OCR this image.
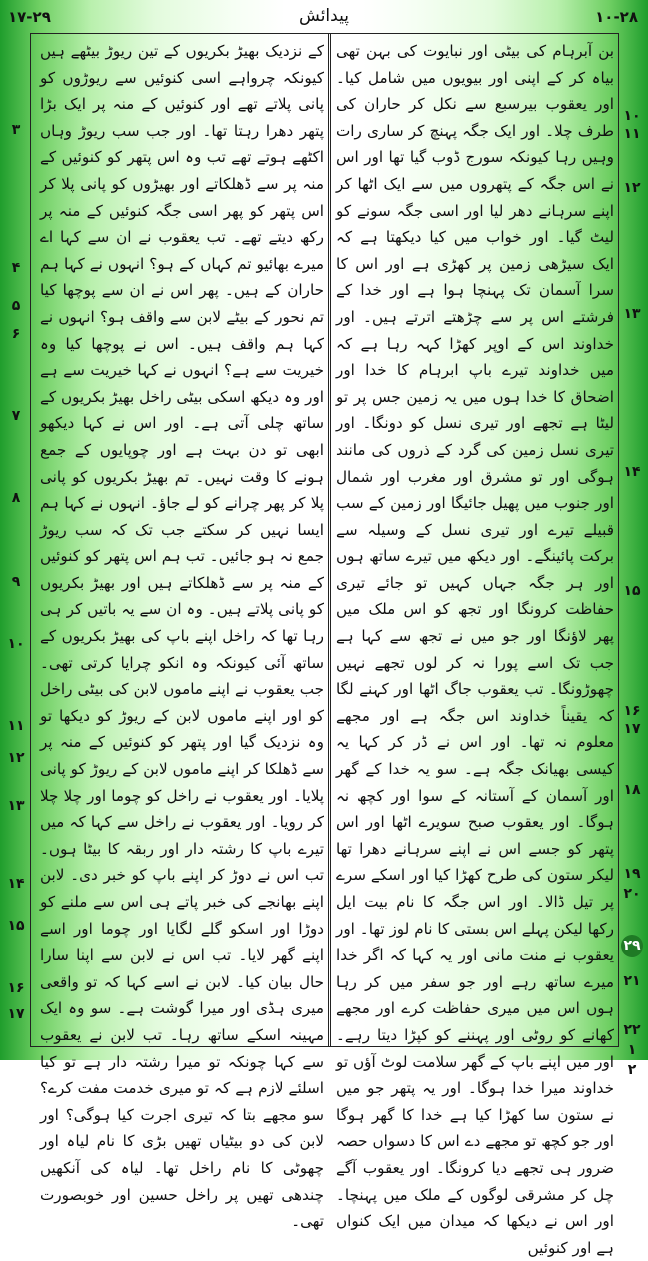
۱۷-۲۹	پیدائش	۱۰-۲۸

بن آبرہام کی بیٹی اور نبایوت کی بہن تھی بیاہ کر کے اپنی اور بیویوں میں شامل کیا۔ اور یعقوب بیرسبع سے نکل کر حاران کی طرف چلا۔ اور ایک جگہ پہنچ کر ساری رات وہیں رہا کیونکہ سورج ڈوب گیا تھا اور اس نے اس جگہ کے پتھروں میں سے ایک اٹھا کر اپنے سرہانے دھر لیا اور اسی جگہ سونے کو لیٹ گیا۔ اور خواب میں کیا دیکھتا ہے کہ ایک سیڑھی زمین پر کھڑی ہے اور اس کا سرا آسمان تک پہنچا ہوا ہے اور خدا کے فرشتے اس پر سے چڑھتے اترتے ہیں۔ اور خداوند اس کے اوپر کھڑا کہہ رہا ہے کہ میں خداوند تیرے باپ ابرہام کا خدا اور اضحاق کا خدا ہوں میں یہ زمین جس پر تو لیٹا ہے تجھے اور تیری نسل کو دونگا۔ اور تیری نسل زمین کی گرد کے ذروں کی مانند ہوگی اور تو مشرق اور مغرب اور شمال اور جنوب میں پھیل جائیگا اور زمین کے سب قبیلے تیرے اور تیری نسل کے وسیلہ سے برکت پائینگے۔ اور دیکھ میں تیرے ساتھ ہوں اور ہر جگہ جہاں کہیں تو جائے تیری حفاظت کرونگا اور تجھ کو اس ملک میں پھر لاؤنگا اور جو میں نے تجھ سے کہا ہے جب تک اسے پورا نہ کر لوں تجھے نہیں چھوڑونگا۔ تب یعقوب جاگ اٹھا اور کہنے لگا کہ یقیناً خداوند اس جگہ ہے اور مجھے معلوم نہ تھا۔ اور اس نے ڈر کر کہا یہ کیسی بھیانک جگہ ہے۔ سو یہ خدا کے گھر اور آسمان کے آستانہ کے سوا اور کچھ نہ ہوگا۔ اور یعقوب صبح سویرے اٹھا اور اس پتھر کو جسے اس نے اپنے سرہانے دھرا تھا لیکر ستون کی طرح کھڑا کیا اور اسکے سرے پر تیل ڈالا۔ اور اس جگہ کا نام بیت ایل رکھا لیکن پہلے اس بستی کا نام لوز تھا۔ اور یعقوب نے منت مانی اور یہ کہا کہ اگر خدا میرے ساتھ رہے اور جو سفر میں کر رہا ہوں اس میں میری حفاظت کرے اور مجھے کھانے کو روٹی اور پہننے کو کپڑا دیتا رہے۔ اور میں اپنے باپ کے گھر سلامت لوٹ آؤں تو خداوند میرا خدا ہوگا۔ اور یہ پتھر جو میں نے ستون سا کھڑا کیا ہے خدا کا گھر ہوگا اور جو کچھ تو مجھے دے اس کا دسواں حصہ ضرور ہی تجھے دیا کرونگا۔ اور یعقوب آگے چل کر مشرقی لوگوں کے ملک میں پہنچا۔ اور اس نے دیکھا کہ میدان میں ایک کنواں ہے اور کنوئیں

کے نزدیک بھیڑ بکریوں کے تین ریوڑ بیٹھے ہیں کیونکہ چرواہے اسی کنوئیں سے ریوڑوں کو پانی پلاتے تھے اور کنوئیں کے منہ پر ایک بڑا پتھر دھرا رہتا تھا۔ اور جب سب ریوڑ وہاں اکٹھے ہوتے تھے تب وہ اس پتھر کو کنوئیں کے منہ پر سے ڈھلکاتے اور بھیڑوں کو پانی پلا کر اس پتھر کو پھر اسی جگہ کنوئیں کے منہ پر رکھ دیتے تھے۔ تب یعقوب نے ان سے کہا اے میرے بھائیو تم کہاں کے ہو؟ انہوں نے کہا ہم حاران کے ہیں۔ پھر اس نے ان سے پوچھا کیا تم نحور کے بیٹے لابن سے واقف ہو؟ انہوں نے کہا ہم واقف ہیں۔ اس نے پوچھا کیا وہ خیریت سے ہے؟ انہوں نے کہا خیریت سے ہے اور وہ دیکھ اسکی بیٹی راخل بھیڑ بکریوں کے ساتھ چلی آتی ہے۔ اور اس نے کہا دیکھو ابھی تو دن بہت ہے اور چوپایوں کے جمع ہونے کا وقت نہیں۔ تم بھیڑ بکریوں کو پانی پلا کر پھر چرانے کو لے جاؤ۔ انہوں نے کہا ہم ایسا نہیں کر سکتے جب تک کہ سب ریوڑ جمع نہ ہو جائیں۔ تب ہم اس پتھر کو کنوئیں کے منہ پر سے ڈھلکاتے ہیں اور بھیڑ بکریوں کو پانی پلاتے ہیں۔ وہ ان سے یہ باتیں کر ہی رہا تھا کہ راخل اپنے باپ کی بھیڑ بکریوں کے ساتھ آئی کیونکہ وہ انکو چرایا کرتی تھی۔ جب یعقوب نے اپنے ماموں لابن کی بیٹی راخل کو اور اپنے ماموں لابن کے ریوڑ کو دیکھا تو وہ نزدیک گیا اور پتھر کو کنوئیں کے منہ پر سے ڈھلکا کر اپنے ماموں لابن کے ریوڑ کو پانی پلایا۔ اور یعقوب نے راخل کو چوما اور چلا چلا کر رویا۔ اور یعقوب نے راخل سے کہا کہ میں تیرے باپ کا رشتہ دار اور ربقہ کا بیٹا ہوں۔ تب اس نے دوڑ کر اپنے باپ کو خبر دی۔ لابن اپنے بھانجے کی خبر پاتے ہی اس سے ملنے کو دوڑا اور اسکو گلے لگایا اور چوما اور اسے اپنے گھر لایا۔ تب اس نے لابن سے اپنا سارا حال بیان کیا۔ لابن نے اسے کہا کہ تو واقعی میری ہڈی اور میرا گوشت ہے۔ سو وہ ایک مہینہ اسکے ساتھ رہا۔ تب لابن نے یعقوب سے کہا چونکہ تو میرا رشتہ دار ہے تو کیا اسلئے لازم ہے کہ تو میری خدمت مفت کرے؟ سو مجھے بتا کہ تیری اجرت کیا ہوگی؟ اور لابن کی دو بیٹیاں تھیں بڑی کا نام لیاہ اور چھوٹی کا نام راخل تھا۔ لیاہ کی آنکھیں چندھی تھیں پر راخل حسین اور خوبصورت تھی۔

۱۰
۱۱
۱۲
۱۳
۱۴
۱۵
۱۶
۱۷
۱۸
۱۹
۲۰
۲۱
۲۲
۱
۲
۳
۴
۵
۶
۷
۸
۹
۱۰
۱۱
۱۲
۱۳
۱۴
۱۵
۱۶
۱۷
۲۹
